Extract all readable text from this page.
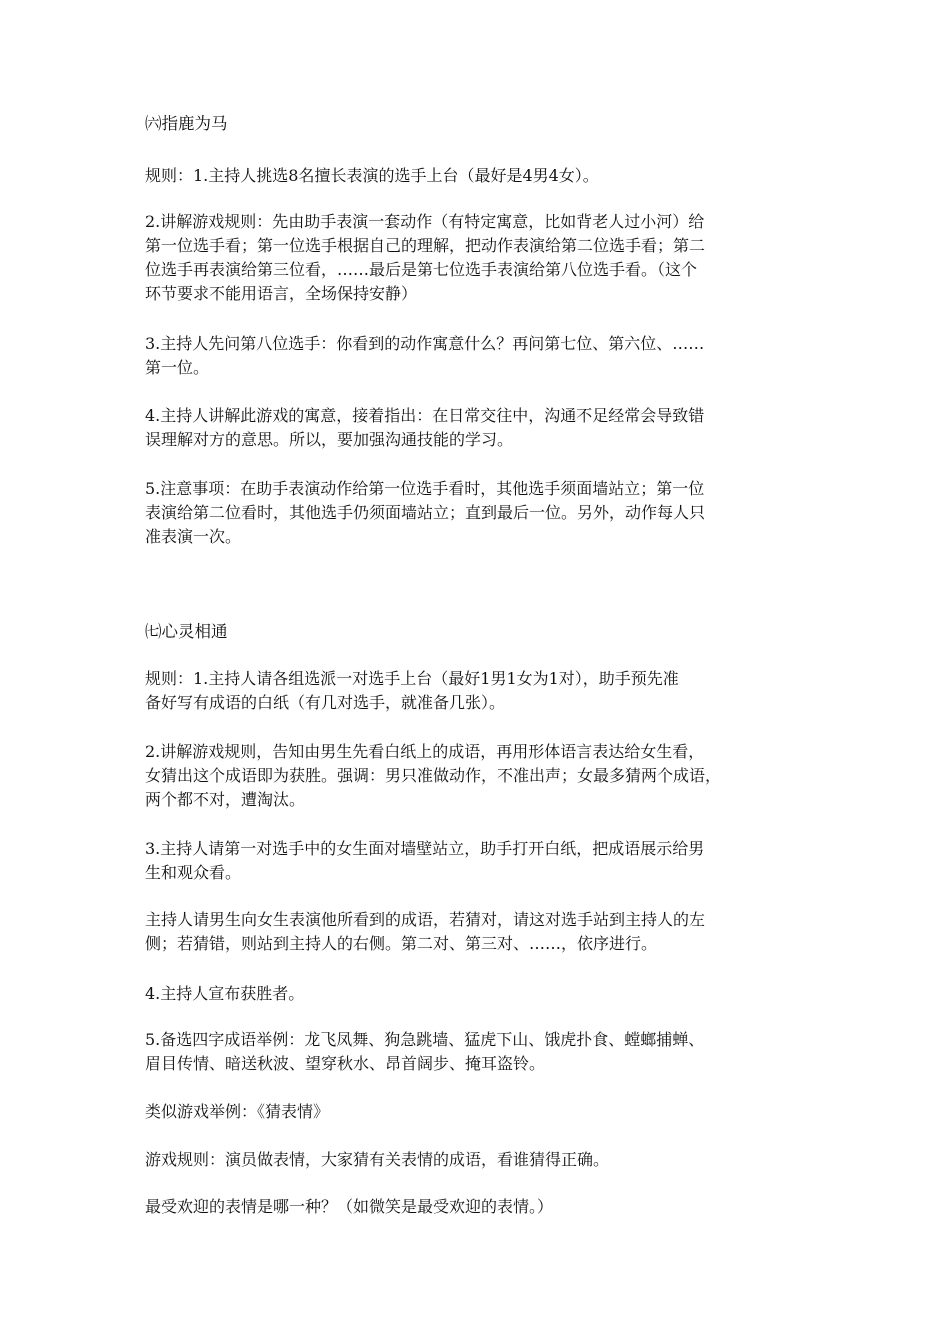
㈥指鹿为马

规则：1.主持人挑选8名擅长表演的选手上台（最好是4男4女）。

2.讲解游戏规则：先由助手表演一套动作（有特定寓意，比如背老人过小河）给

第一位选手看；第一位选手根据自己的理解，把动作表演给第二位选手看；第二

位选手再表演给第三位看，……最后是第七位选手表演给第八位选手看。（这个

环节要求不能用语言，全场保持安静）

3.主持人先问第八位选手：你看到的动作寓意什么？再问第七位、第六位、……

第一位。

4.主持人讲解此游戏的寓意，接着指出：在日常交往中，沟通不足经常会导致错

误理解对方的意思。所以，要加强沟通技能的学习。

5.注意事项：在助手表演动作给第一位选手看时，其他选手须面墙站立；第一位

表演给第二位看时，其他选手仍须面墙站立；直到最后一位。另外，动作每人只

准表演一次。

㈦心灵相通

规则：1.主持人请各组选派一对选手上台（最好1男1女为1对），助手预先准

备好写有成语的白纸（有几对选手，就准备几张）。

2.讲解游戏规则，告知由男生先看白纸上的成语，再用形体语言表达给女生看，

女猜出这个成语即为获胜。强调：男只准做动作，不准出声；女最多猜两个成语，

两个都不对，遭淘汰。

3.主持人请第一对选手中的女生面对墙壁站立，助手打开白纸，把成语展示给男

生和观众看。

主持人请男生向女生表演他所看到的成语，若猜对，请这对选手站到主持人的左

侧；若猜错，则站到主持人的右侧。第二对、第三对、……，依序进行。

4.主持人宣布获胜者。

5.备选四字成语举例：龙飞凤舞、狗急跳墙、猛虎下山、饿虎扑食、螳螂捕蝉、

眉目传情、暗送秋波、望穿秋水、昂首阔步、掩耳盗铃。

类似游戏举例：《猜表情》

游戏规则：演员做表情，大家猜有关表情的成语，看谁猜得正确。

最受欢迎的表情是哪一种？（如微笑是最受欢迎的表情。）
